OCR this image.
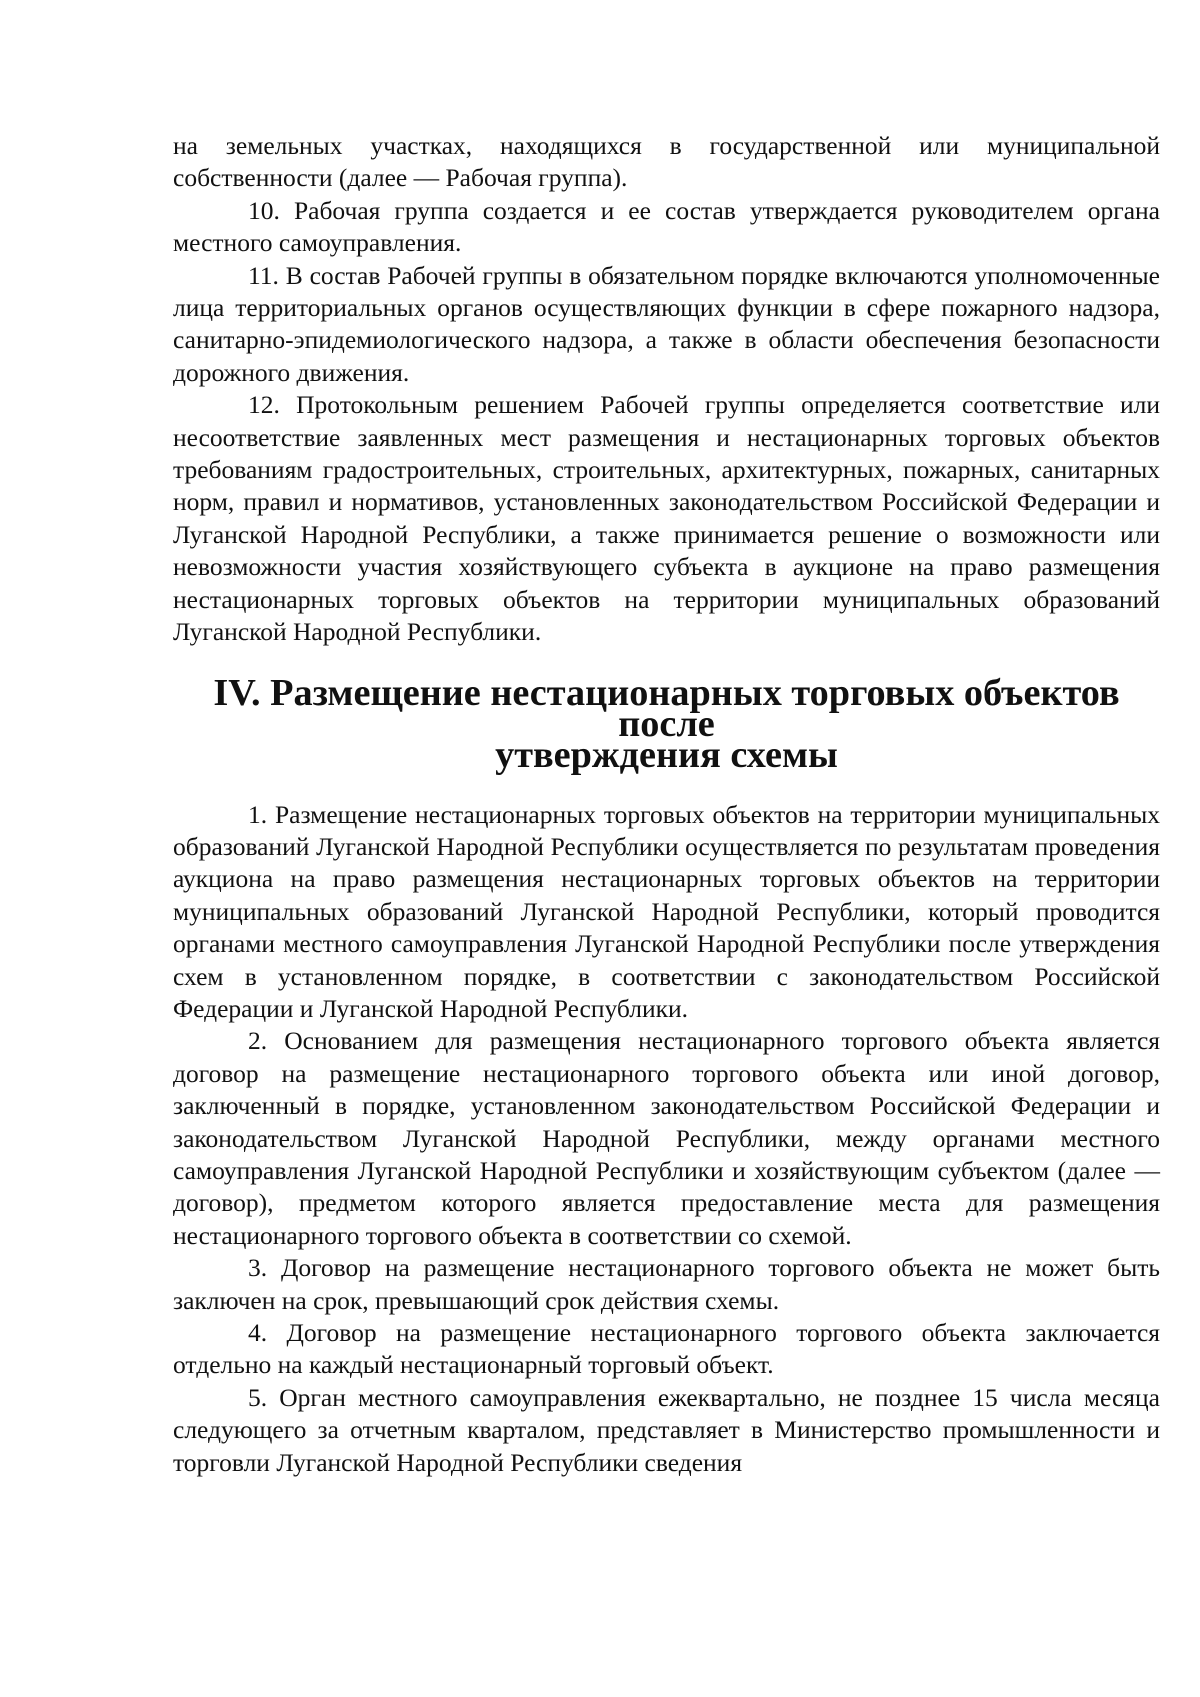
на земельных участках, находящихся в государственной или муниципальной собственности (далее — Рабочая группа).

10. Рабочая группа создается и ее состав утверждается руководителем органа местного самоуправления.

11. В состав Рабочей группы в обязательном порядке включаются уполномоченные лица территориальных органов осуществляющих функции в сфере пожарного надзора, санитарно-эпидемиологического надзора, а также в области обеспечения безопасности дорожного движения.

12. Протокольным решением Рабочей группы определяется соответствие или несоответствие заявленных мест размещения и нестационарных торговых объектов требованиям градостроительных, строительных, архитектурных, пожарных, санитарных норм, правил и нормативов, установленных законодательством Российской Федерации и Луганской Народной Республики, а также принимается решение о возможности или невозможности участия хозяйствующего субъекта в аукционе на право размещения нестационарных торговых объектов на территории муниципальных образований Луганской Народной Республики.

IV. Размещение нестационарных торговых объектов после
утверждения схемы

1. Размещение нестационарных торговых объектов на территории муниципальных образований Луганской Народной Республики осуществляется по результатам проведения аукциона на право размещения нестационарных торговых объектов на территории муниципальных образований Луганской Народной Республики, который проводится органами местного самоуправления Луганской Народной Республики после утверждения схем в установленном порядке, в соответствии с законодательством Российской Федерации и Луганской Народной Республики.

2. Основанием для размещения нестационарного торгового объекта является договор на размещение нестационарного торгового объекта или иной договор, заключенный в порядке, установленном законодательством Российской Федерации и законодательством Луганской Народной Республики, между органами местного самоуправления Луганской Народной Республики и хозяйствующим субъектом (далее — договор), предметом которого является предоставление места для размещения нестационарного торгового объекта в соответствии со схемой.

3. Договор на размещение нестационарного торгового объекта не может быть заключен на срок, превышающий срок действия схемы.

4. Договор на размещение нестационарного торгового объекта заключается отдельно на каждый нестационарный торговый объект.

5. Орган местного самоуправления ежеквартально, не позднее 15 числа месяца следующего за отчетным кварталом, представляет в Министерство промышленности и торговли Луганской Народной Республики сведения
